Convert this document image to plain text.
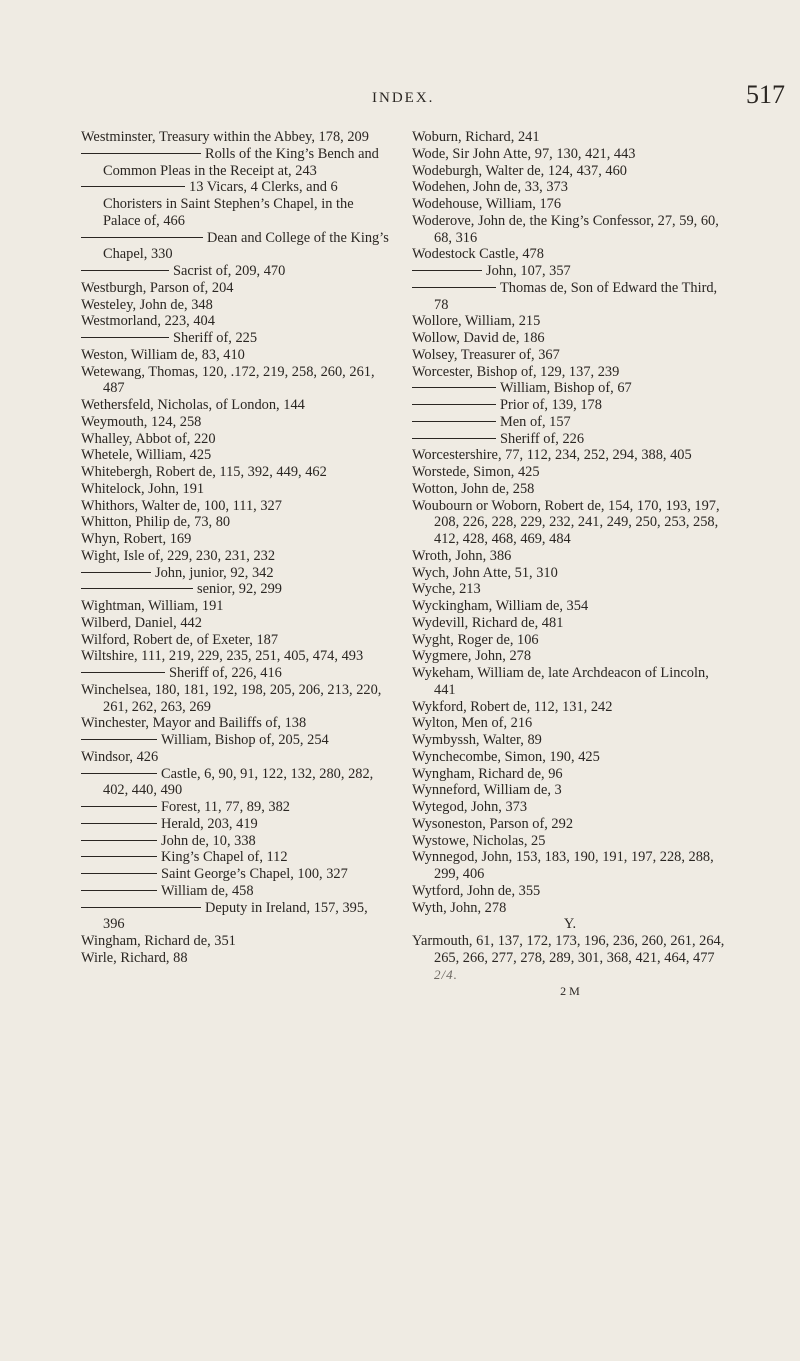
INDEX.	517
Westminster, Treasury within the Abbey, 178, 209
Rolls of the King’s Bench and Common Pleas in the Receipt at, 243
13 Vicars, 4 Clerks, and 6 Choristers in Saint Stephen’s Chapel, in the Palace of, 466
Dean and College of the King’s Chapel, 330
Sacrist of, 209, 470
Westburgh, Parson of, 204
Westeley, John de, 348
Westmorland, 223, 404
Sheriff of, 225
Weston, William de, 83, 410
Wetewang, Thomas, 120, .172, 219, 258, 260, 261, 487
Wethersfeld, Nicholas, of London, 144
Weymouth, 124, 258
Whalley, Abbot of, 220
Whetele, William, 425
Whitebergh, Robert de, 115, 392, 449, 462
Whitelock, John, 191
Whithors, Walter de, 100, 111, 327
Whitton, Philip de, 73, 80
Whyn, Robert, 169
Wight, Isle of, 229, 230, 231, 232
John, junior, 92, 342
senior, 92, 299
Wightman, William, 191
Wilberd, Daniel, 442
Wilford, Robert de, of Exeter, 187
Wiltshire, 111, 219, 229, 235, 251, 405, 474, 493
Sheriff of, 226, 416
Winchelsea, 180, 181, 192, 198, 205, 206, 213, 220, 261, 262, 263, 269
Winchester, Mayor and Bailiffs of, 138
William, Bishop of, 205, 254
Windsor, 426
Castle, 6, 90, 91, 122, 132, 280, 282, 402, 440, 490
Forest, 11, 77, 89, 382
Herald, 203, 419
John de, 10, 338
King’s Chapel of, 112
Saint George’s Chapel, 100, 327
William de, 458
Deputy in Ireland, 157, 395, 396
Wingham, Richard de, 351
Wirle, Richard, 88
Woburn, Richard, 241
Wode, Sir John Atte, 97, 130, 421, 443
Wodeburgh, Walter de, 124, 437, 460
Wodehen, John de, 33, 373
Wodehouse, William, 176
Woderove, John de, the King’s Confessor, 27, 59, 60, 68, 316
Wodestock Castle, 478
John, 107, 357
Thomas de, Son of Edward the Third, 78
Wollore, William, 215
Wollow, David de, 186
Wolsey, Treasurer of, 367
Worcester, Bishop of, 129, 137, 239
William, Bishop of, 67
Prior of, 139, 178
Men of, 157
Sheriff of, 226
Worcestershire, 77, 112, 234, 252, 294, 388, 405
Worstede, Simon, 425
Wotton, John de, 258
Woubourn or Woborn, Robert de, 154, 170, 193, 197, 208, 226, 228, 229, 232, 241, 249, 250, 253, 258, 412, 428, 468, 469, 484
Wroth, John, 386
Wych, John Atte, 51, 310
Wyche, 213
Wyckingham, William de, 354
Wydevill, Richard de, 481
Wyght, Roger de, 106
Wygmere, John, 278
Wykeham, William de, late Archdeacon of Lincoln, 441
Wykford, Robert de, 112, 131, 242
Wylton, Men of, 216
Wymbyssh, Walter, 89
Wynchecombe, Simon, 190, 425
Wyngham, Richard de, 96
Wynneford, William de, 3
Wytegod, John, 373
Wysoneston, Parson of, 292
Wystowe, Nicholas, 25
Wynnegod, John, 153, 183, 190, 191, 197, 228, 288, 299, 406
Wytford, John de, 355
Wyth, John, 278
Y.
Yarmouth, 61, 137, 172, 173, 196, 236, 260, 261, 264, 265, 266, 277, 278, 289, 301, 368, 421, 464, 477 2/4.
2 M
